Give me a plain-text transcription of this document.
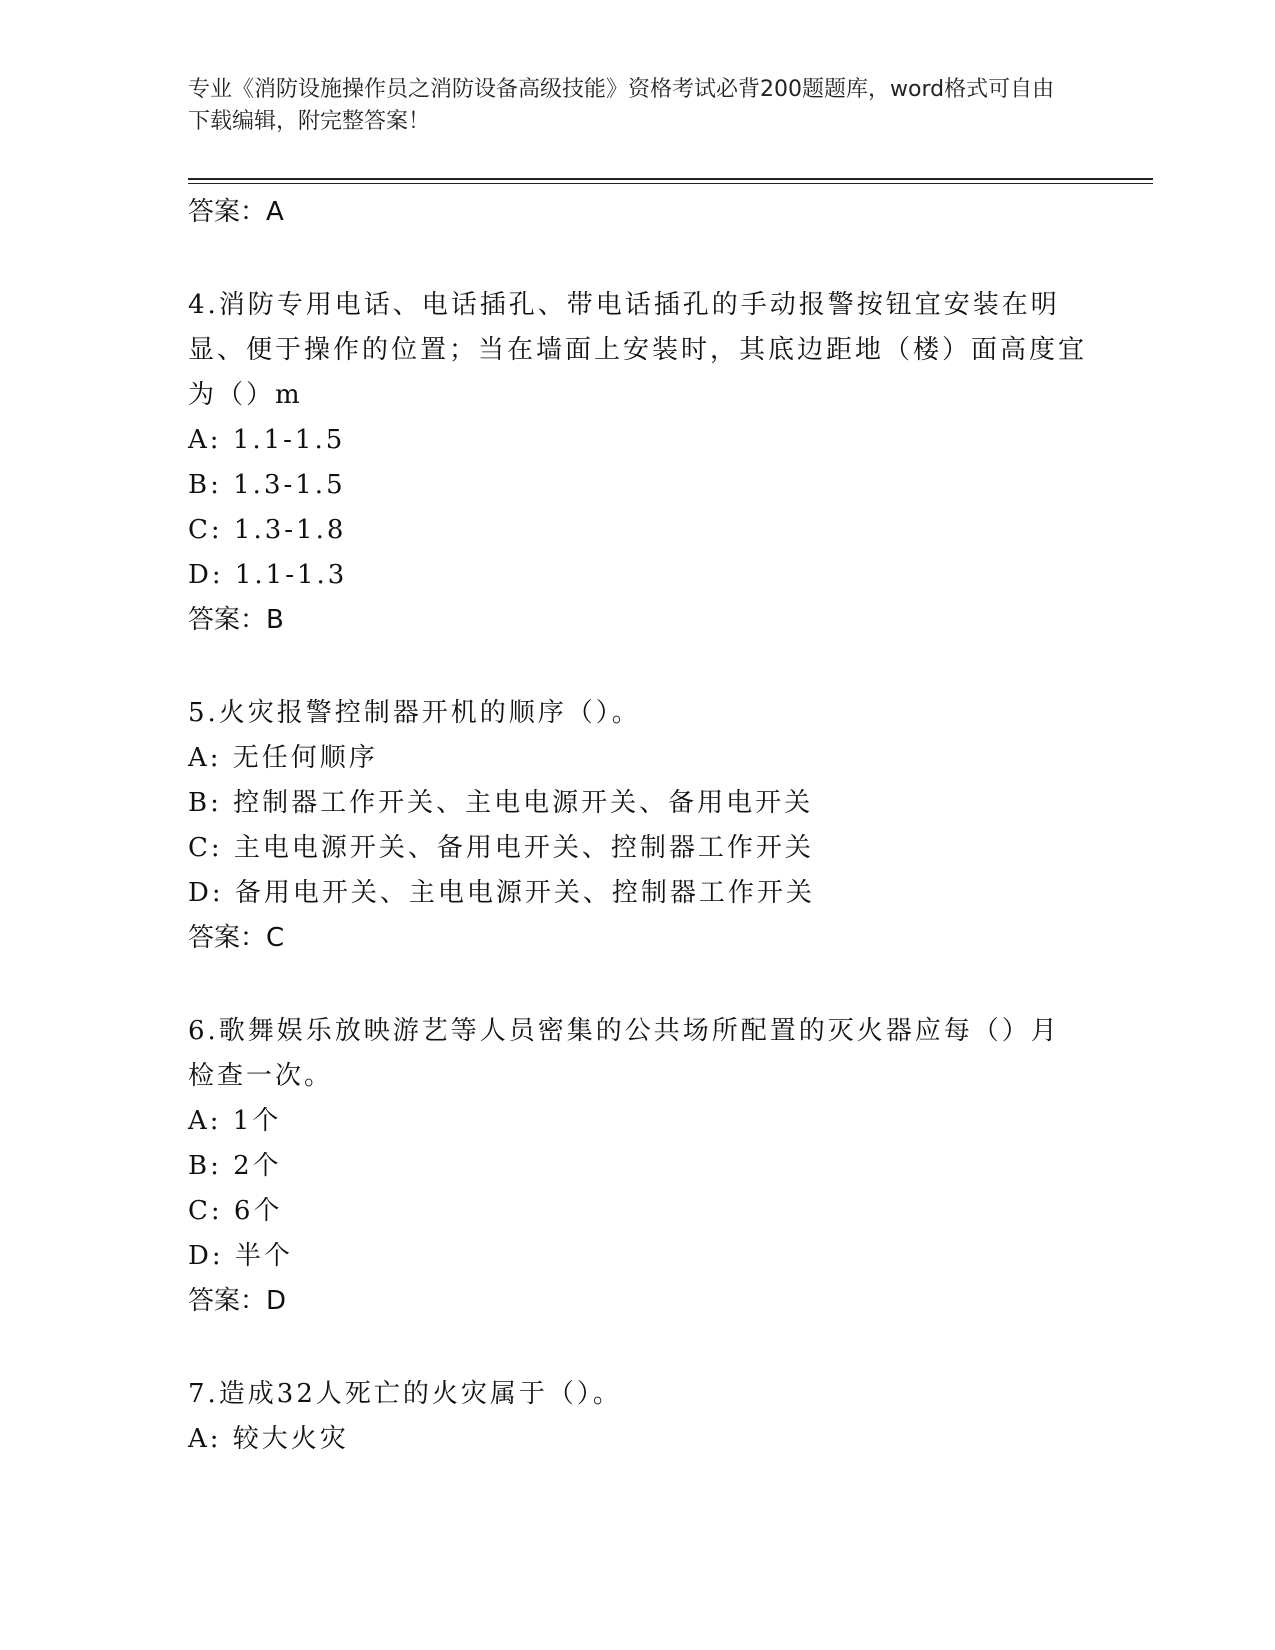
专业《消防设施操作员之消防设备高级技能》资格考试必背200题题库，word格式可自由下载编辑，附完整答案！
答案：A
4.消防专用电话、电话插孔、带电话插孔的手动报警按钮宜安装在明显、便于操作的位置；当在墙面上安装时，其底边距地（楼）面高度宜为（）m
A: 1.1-1.5
B: 1.3-1.5
C: 1.3-1.8
D: 1.1-1.3
答案：B
5.火灾报警控制器开机的顺序（）。
A: 无任何顺序
B: 控制器工作开关、主电电源开关、备用电开关
C: 主电电源开关、备用电开关、控制器工作开关
D: 备用电开关、主电电源开关、控制器工作开关
答案：C
6.歌舞娱乐放映游艺等人员密集的公共场所配置的灭火器应每（）月检查一次。
A: 1个
B: 2个
C: 6个
D: 半个
答案：D
7.造成32人死亡的火灾属于（）。
A: 较大火灾
